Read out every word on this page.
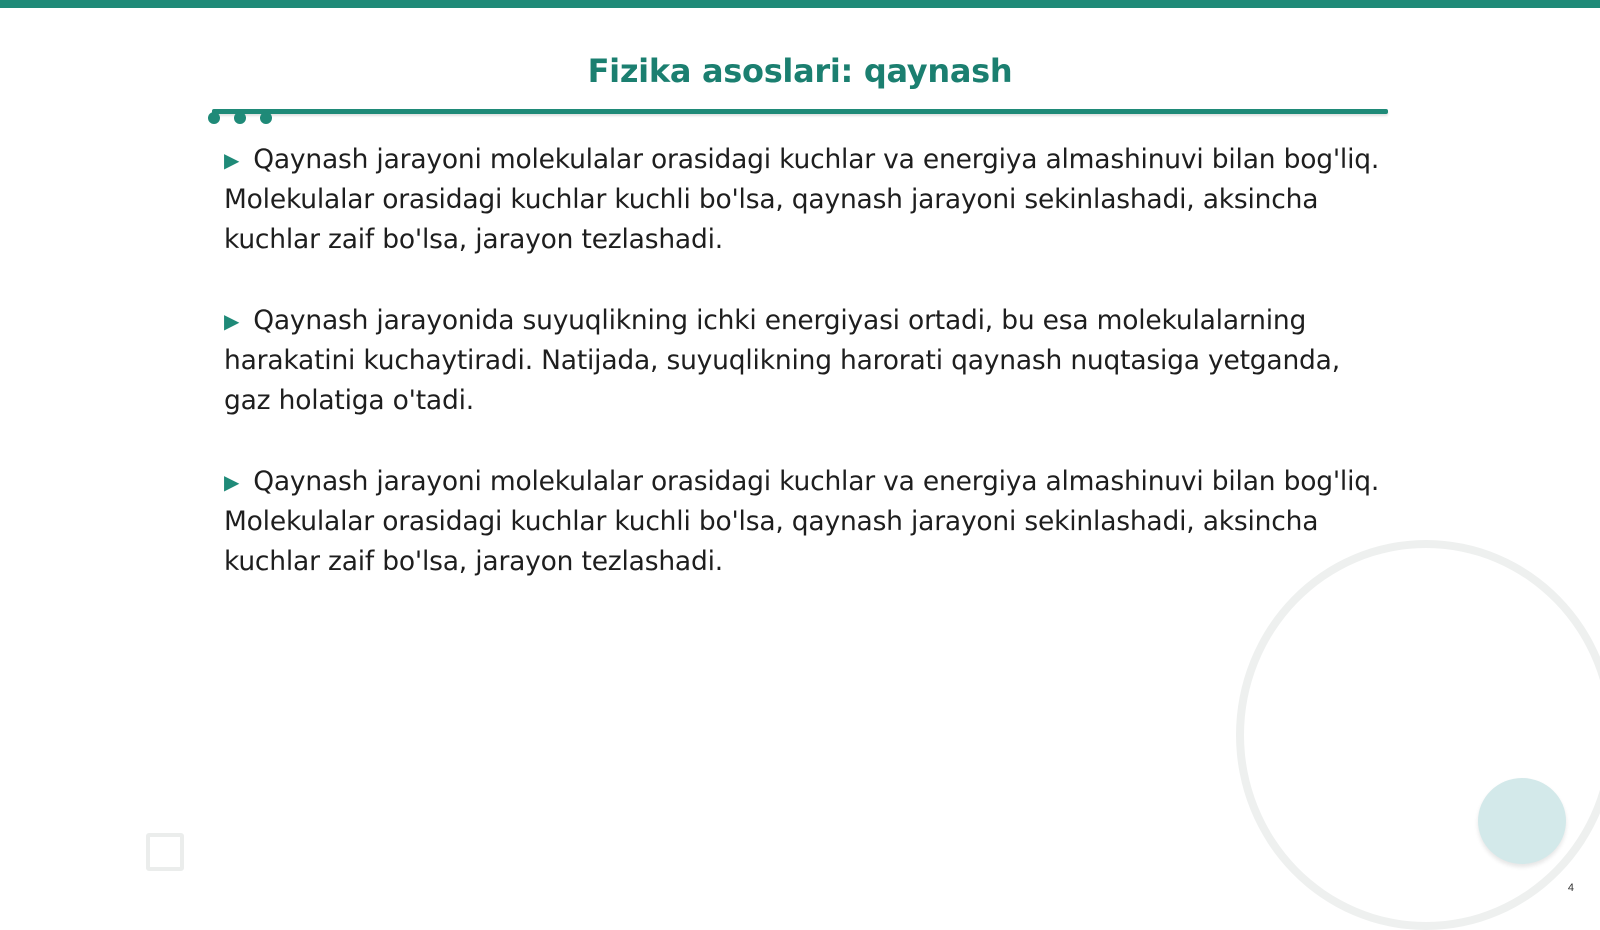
Fizika asoslari: qaynash

▶ Qaynash jarayoni molekulalar orasidagi kuchlar va energiya almashinuvi bilan bog'liq. Molekulalar orasidagi kuchlar kuchli bo'lsa, qaynash jarayoni sekinlashadi, aksincha kuchlar zaif bo'lsa, jarayon tezlashadi.

▶ Qaynash jarayonida suyuqlikning ichki energiyasi ortadi, bu esa molekulalarning harakatini kuchaytiradi. Natijada, suyuqlikning harorati qaynash nuqtasiga yetganda, gaz holatiga o'tadi.

▶ Qaynash jarayoni molekulalar orasidagi kuchlar va energiya almashinuvi bilan bog'liq. Molekulalar orasidagi kuchlar kuchli bo'lsa, qaynash jarayoni sekinlashadi, aksincha kuchlar zaif bo'lsa, jarayon tezlashadi.

4
